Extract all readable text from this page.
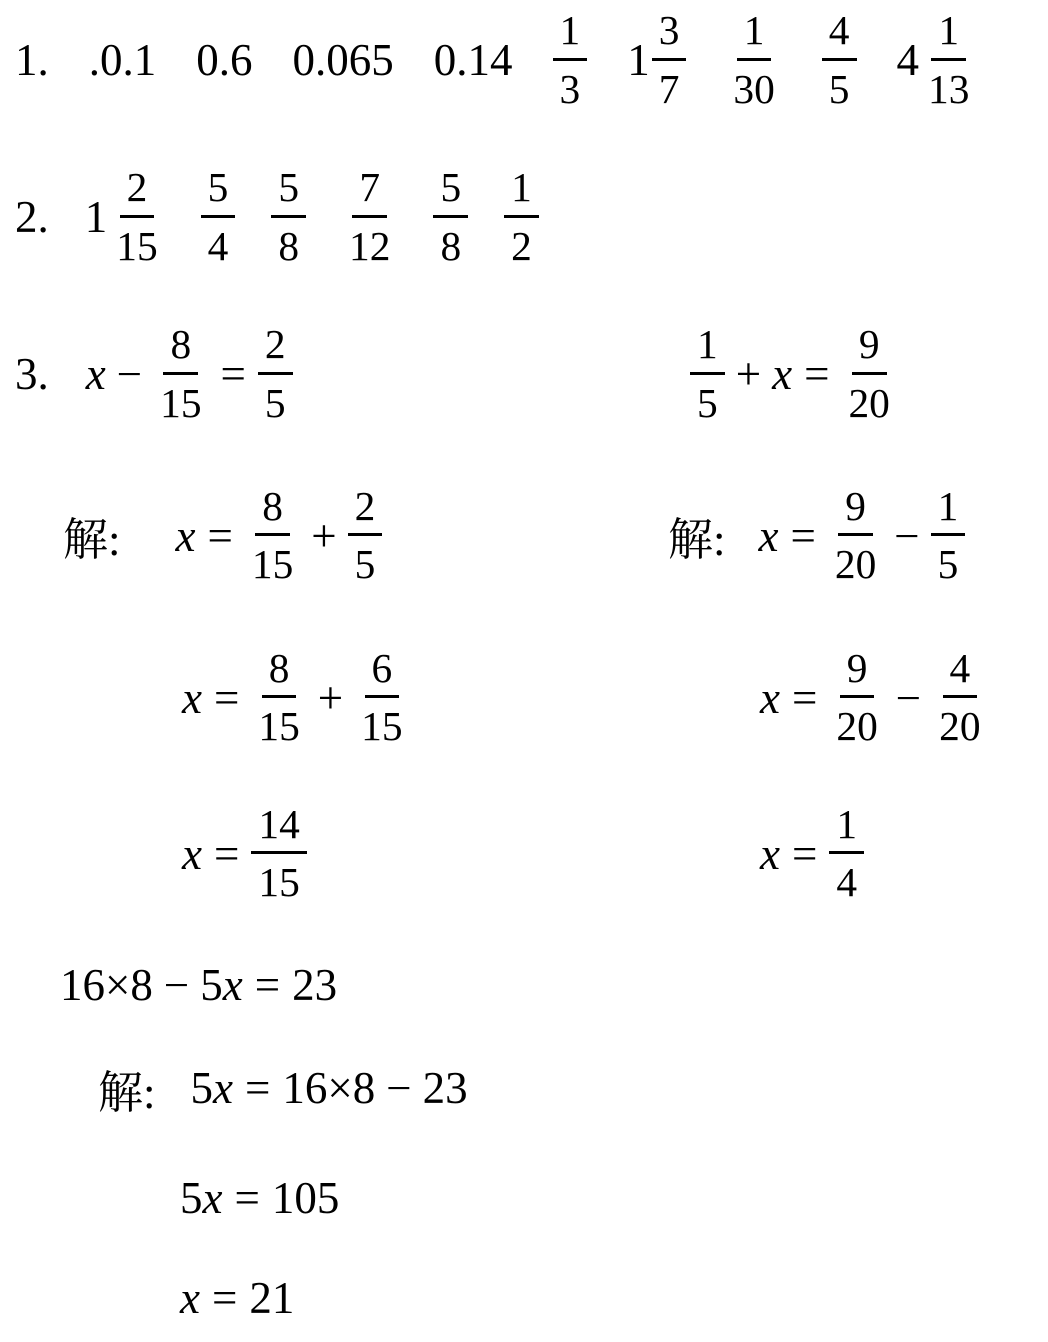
1. .0.1 0.6 0.065 $0.14 \frac{1}{3} 1 \frac{3}{7} \frac{1}{30} \frac{4}{5} 4 \frac{1}{13}$
2. $1 \frac{2}{15} \frac{5}{4} \frac{5}{8} \frac{7}{12} \frac{5}{8} \frac{1}{2}$
3. $x - \frac{8}{15} = \frac{2}{5}$	$\frac{1}{5} + x = \frac{9}{20}$
解: $x = \frac{8}{15} + \frac{2}{5}$	解: $x = \frac{9}{20} - \frac{1}{5}$
$x = \frac{8}{15} + \frac{6}{15}$	$x = \frac{9}{20} - \frac{4}{20}$
$x = \frac{14}{15}$	$x = \frac{1}{4}$
16 × 8 − 5 x = 23
解: 5 x = 16 × 8 − 23
5 x = 105
x = 21
